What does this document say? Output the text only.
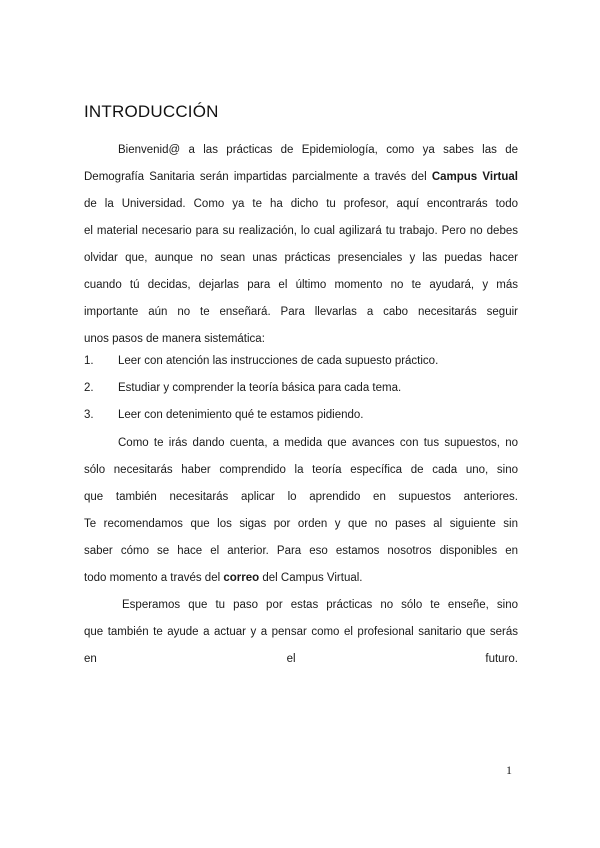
INTRODUCCIÓN
Bienvenid@ a las prácticas de Epidemiología, como ya sabes las de
Demografía Sanitaria serán impartidas parcialmente a través del Campus Virtual
de la Universidad. Como ya te ha dicho tu profesor, aquí encontrarás todo
el material necesario para su realización, lo cual agilizará tu trabajo. Pero no debes
olvidar que, aunque no sean unas prácticas presenciales y las puedas hacer
cuando tú decidas, dejarlas para el último momento no te ayudará, y más
importante aún no te enseñará. Para llevarlas a cabo necesitarás seguir
unos pasos de manera sistemática:
1. Leer con atención las instrucciones de cada supuesto práctico.
2. Estudiar y comprender la teoría básica para cada tema.
3. Leer con detenimiento qué te estamos pidiendo.
Como te irás dando cuenta, a medida que avances con tus supuestos, no
sólo necesitarás haber comprendido la teoría específica de cada uno, sino
que también necesitarás aplicar lo aprendido en supuestos anteriores.
Te recomendamos que los sigas por orden y que no pases al siguiente sin
saber cómo se hace el anterior. Para eso estamos nosotros disponibles en
todo momento a través del correo del Campus Virtual.
Esperamos que tu paso por estas prácticas no sólo te enseñe, sino
que también te ayude a actuar y a pensar como el profesional sanitario que serás
en	el	futuro.
1
